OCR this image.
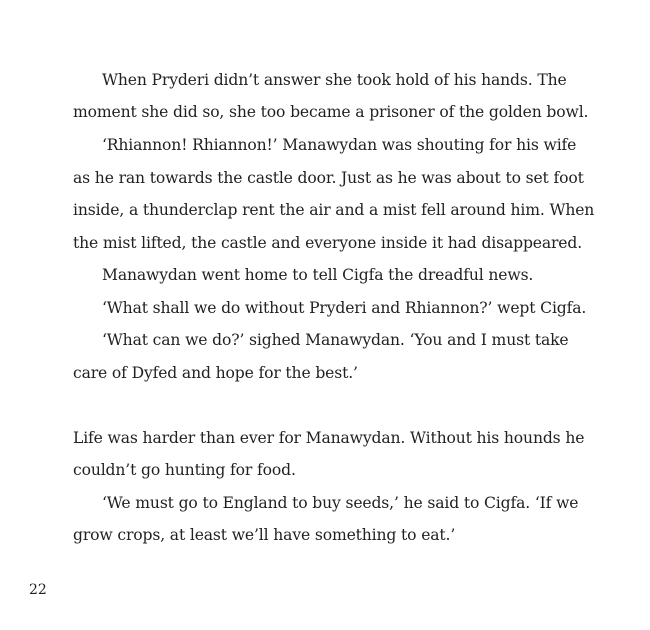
When Pryderi didn’t answer she took hold of his hands. The
moment she did so, she too became a prisoner of the golden bowl.
‘Rhiannon! Rhiannon!’ Manawydan was shouting for his wife
as he ran towards the castle door. Just as he was about to set foot
inside, a thunderclap rent the air and a mist fell around him. When
the mist lifted, the castle and everyone inside it had disappeared.
Manawydan went home to tell Cigfa the dreadful news.
‘What shall we do without Pryderi and Rhiannon?’ wept Cigfa.
‘What can we do?’ sighed Manawydan. ‘You and I must take
care of Dyfed and hope for the best.’
Life was harder than ever for Manawydan. Without his hounds he
couldn’t go hunting for food.
‘We must go to England to buy seeds,’ he said to Cigfa. ‘If we
grow crops, at least we’ll have something to eat.’
22
